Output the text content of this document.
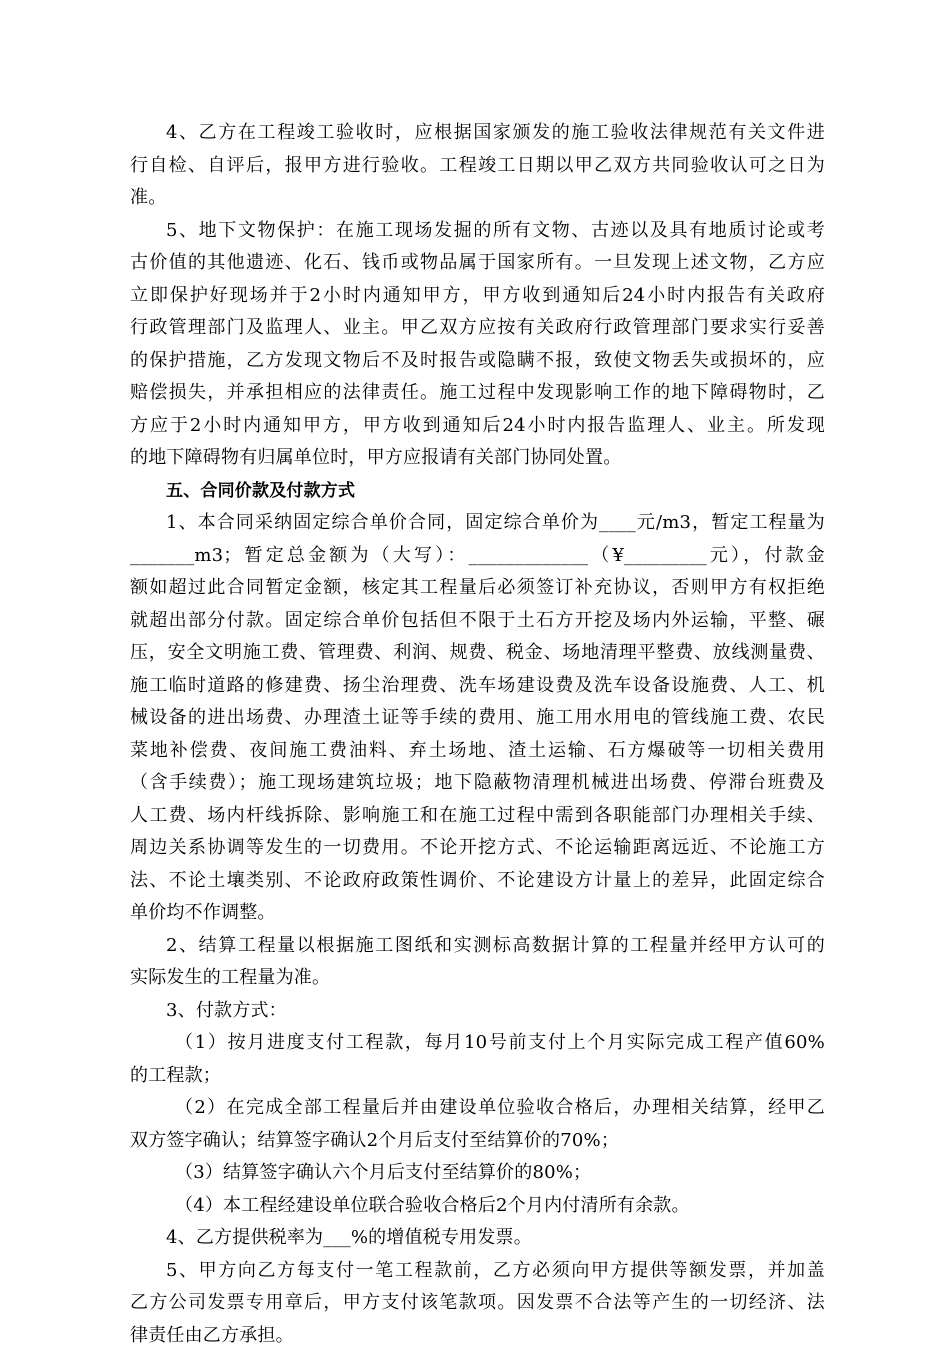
4、乙方在工程竣工验收时，应根据国家颁发的施工验收法律规范有关文件进
行自检、自评后，报甲方进行验收。工程竣工日期以甲乙双方共同验收认可之日为
准。
5、地下文物保护：在施工现场发掘的所有文物、古迹以及具有地质讨论或考
古价值的其他遗迹、化石、钱币或物品属于国家所有。一旦发现上述文物，乙方应
立即保护好现场并于2小时内通知甲方，甲方收到通知后24小时内报告有关政府
行政管理部门及监理人、业主。甲乙双方应按有关政府行政管理部门要求实行妥善
的保护措施，乙方发现文物后不及时报告或隐瞒不报，致使文物丢失或损坏的，应
赔偿损失，并承担相应的法律责任。施工过程中发现影响工作的地下障碍物时，乙
方应于2小时内通知甲方，甲方收到通知后24小时内报告监理人、业主。所发现
的地下障碍物有归属单位时，甲方应报请有关部门协同处置。
五、合同价款及付款方式
1、本合同采纳固定综合单价合同，固定综合单价为____元/m3，暂定工程量为
_______m3；暂定总金额为（大写）：_____________（¥_________元），付款金
额如超过此合同暂定金额，核定其工程量后必须签订补充协议，否则甲方有权拒绝
就超出部分付款。固定综合单价包括但不限于土石方开挖及场内外运输，平整、碾
压，安全文明施工费、管理费、利润、规费、税金、场地清理平整费、放线测量费、
施工临时道路的修建费、扬尘治理费、洗车场建设费及洗车设备设施费、人工、机
械设备的进出场费、办理渣土证等手续的费用、施工用水用电的管线施工费、农民
菜地补偿费、夜间施工费油料、弃土场地、渣土运输、石方爆破等一切相关费用
（含手续费）；施工现场建筑垃圾；地下隐蔽物清理机械进出场费、停滞台班费及
人工费、场内杆线拆除、影响施工和在施工过程中需到各职能部门办理相关手续、
周边关系协调等发生的一切费用。不论开挖方式、不论运输距离远近、不论施工方
法、不论土壤类别、不论政府政策性调价、不论建设方计量上的差异，此固定综合
单价均不作调整。
2、结算工程量以根据施工图纸和实测标高数据计算的工程量并经甲方认可的
实际发生的工程量为准。
3、付款方式：
（1）按月进度支付工程款，每月10号前支付上个月实际完成工程产值60%
的工程款；
（2）在完成全部工程量后并由建设单位验收合格后，办理相关结算，经甲乙
双方签字确认；结算签字确认2个月后支付至结算价的70%；
（3）结算签字确认六个月后支付至结算价的80%；
（4）本工程经建设单位联合验收合格后2个月内付清所有余款。
4、乙方提供税率为___%的增值税专用发票。
5、甲方向乙方每支付一笔工程款前，乙方必须向甲方提供等额发票，并加盖
乙方公司发票专用章后，甲方支付该笔款项。因发票不合法等产生的一切经济、法
律责任由乙方承担。
